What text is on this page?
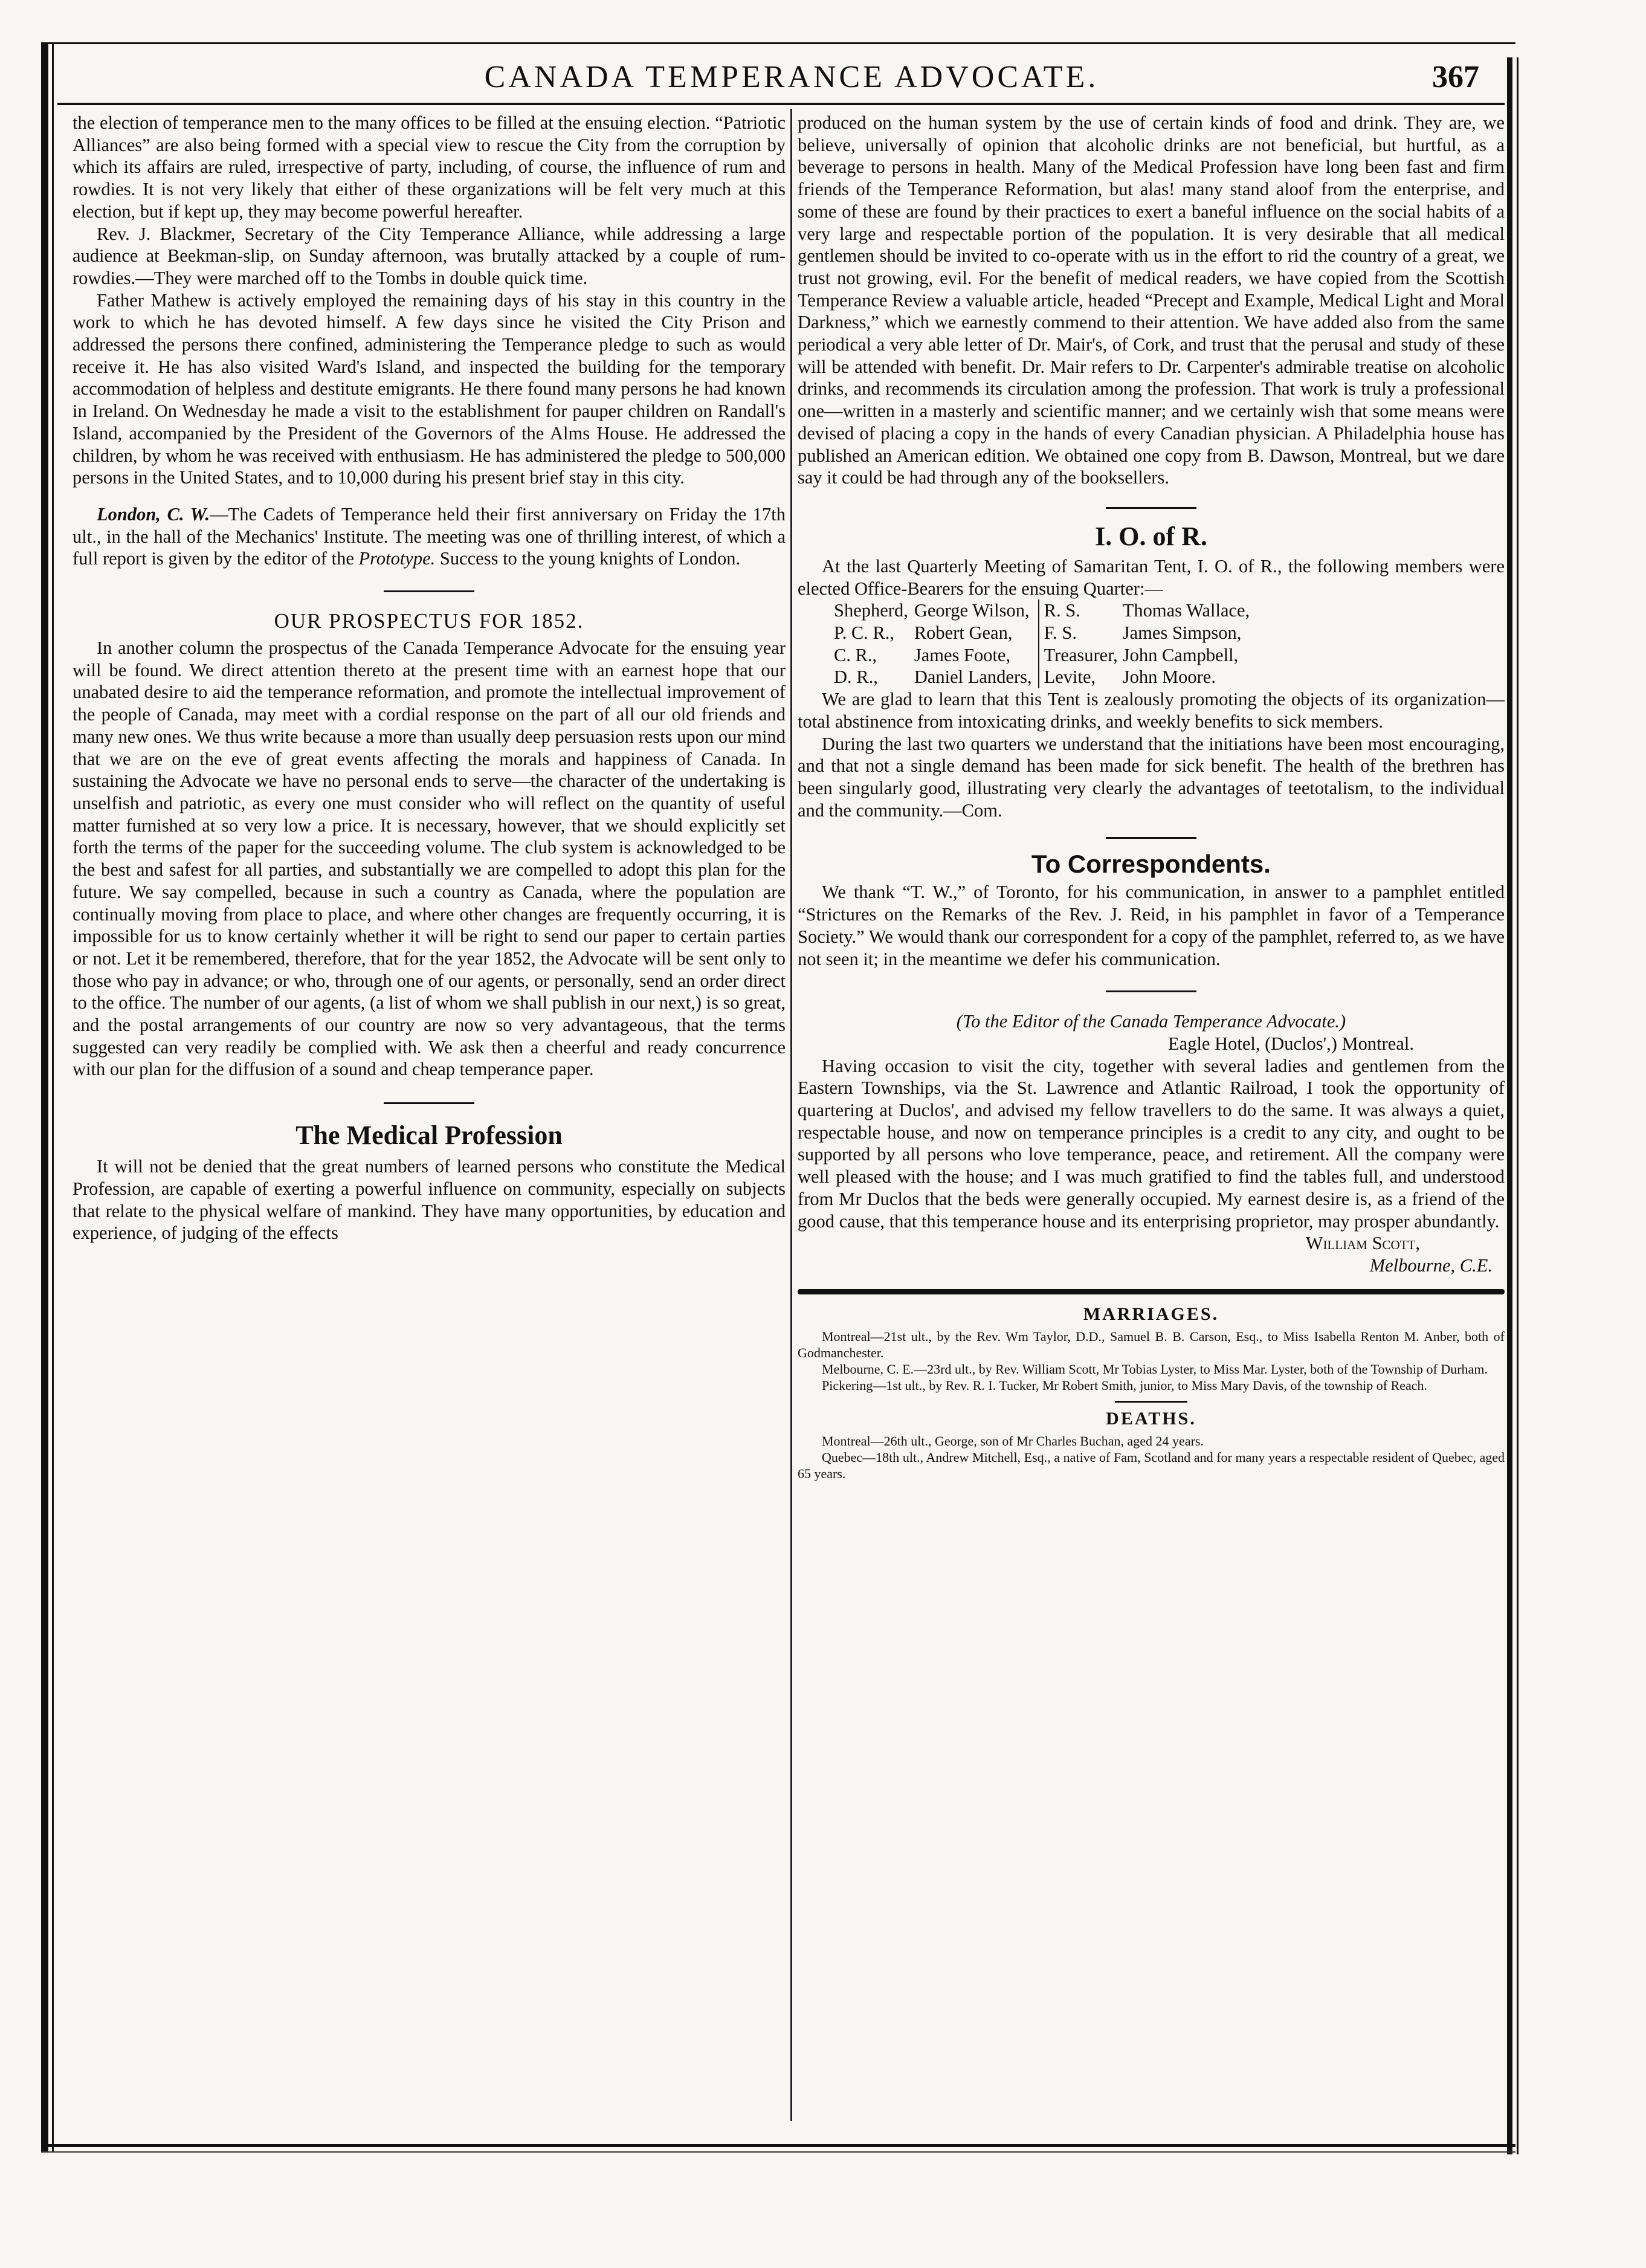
CANADA TEMPERANCE ADVOCATE.	367

the election of temperance men to the many offices to be filled at the ensuing election. “Patriotic Alliances” are also being formed with a special view to rescue the City from the corruption by which its affairs are ruled, irrespective of party, including, of course, the influence of rum and rowdies. It is not very likely that either of these organizations will be felt very much at this election, but if kept up, they may become powerful hereafter.

Rev. J. Blackmer, Secretary of the City Temperance Alliance, while addressing a large audience at Beekman-slip, on Sunday afternoon, was brutally attacked by a couple of rum-rowdies.—They were marched off to the Tombs in double quick time.

Father Mathew is actively employed the remaining days of his stay in this country in the work to which he has devoted himself. A few days since he visited the City Prison and addressed the persons there confined, administering the Temperance pledge to such as would receive it. He has also visited Ward's Island, and inspected the building for the temporary accommodation of helpless and destitute emigrants. He there found many persons he had known in Ireland. On Wednesday he made a visit to the establishment for pauper children on Randall's Island, accompanied by the President of the Governors of the Alms House. He addressed the children, by whom he was received with enthusiasm. He has administered the pledge to 500,000 persons in the United States, and to 10,000 during his present brief stay in this city.

London, C. W.—The Cadets of Temperance held their first anniversary on Friday the 17th ult., in the hall of the Mechanics' Institute. The meeting was one of thrilling interest, of which a full report is given by the editor of the Prototype. Success to the young knights of London.

OUR PROSPECTUS FOR 1852.

In another column the prospectus of the Canada Temperance Advocate for the ensuing year will be found. We direct attention thereto at the present time with an earnest hope that our unabated desire to aid the temperance reformation, and promote the intellectual improvement of the people of Canada, may meet with a cordial response on the part of all our old friends and many new ones. We thus write because a more than usually deep persuasion rests upon our mind that we are on the eve of great events affecting the morals and happiness of Canada. In sustaining the Advocate we have no personal ends to serve—the character of the undertaking is unselfish and patriotic, as every one must consider who will reflect on the quantity of useful matter furnished at so very low a price. It is necessary, however, that we should explicitly set forth the terms of the paper for the succeeding volume. The club system is acknowledged to be the best and safest for all parties, and substantially we are compelled to adopt this plan for the future. We say compelled, because in such a country as Canada, where the population are continually moving from place to place, and where other changes are frequently occurring, it is impossible for us to know certainly whether it will be right to send our paper to certain parties or not. Let it be remembered, therefore, that for the year 1852, the Advocate will be sent only to those who pay in advance; or who, through one of our agents, or personally, send an order direct to the office. The number of our agents, (a list of whom we shall publish in our next,) is so great, and the postal arrangements of our country are now so very advantageous, that the terms suggested can very readily be complied with. We ask then a cheerful and ready concurrence with our plan for the diffusion of a sound and cheap temperance paper.

The Medical Profession

It will not be denied that the great numbers of learned persons who constitute the Medical Profession, are capable of exerting a powerful influence on community, especially on subjects that relate to the physical welfare of mankind. They have many opportunities, by education and experience, of judging of the effects

produced on the human system by the use of certain kinds of food and drink. They are, we believe, universally of opinion that alcoholic drinks are not beneficial, but hurtful, as a beverage to persons in health. Many of the Medical Profession have long been fast and firm friends of the Temperance Reformation, but alas! many stand aloof from the enterprise, and some of these are found by their practices to exert a baneful influence on the social habits of a very large and respectable portion of the population. It is very desirable that all medical gentlemen should be invited to co-operate with us in the effort to rid the country of a great, we trust not growing, evil. For the benefit of medical readers, we have copied from the Scottish Temperance Review a valuable article, headed “Precept and Example, Medical Light and Moral Darkness,” which we earnestly commend to their attention. We have added also from the same periodical a very able letter of Dr. Mair's, of Cork, and trust that the perusal and study of these will be attended with benefit. Dr. Mair refers to Dr. Carpenter's admirable treatise on alcoholic drinks, and recommends its circulation among the profession. That work is truly a professional one—written in a masterly and scientific manner; and we certainly wish that some means were devised of placing a copy in the hands of every Canadian physician. A Philadelphia house has published an American edition. We obtained one copy from B. Dawson, Montreal, but we dare say it could be had through any of the booksellers.

I. O. of R.

At the last Quarterly Meeting of Samaritan Tent, I. O. of R., the following members were elected Office-Bearers for the ensuing Quarter:—

Shepherd,	George Wilson,	R. S.	Thomas Wallace,
P. C. R.,	Robert Gean,	F. S.	James Simpson,
C. R.,	James Foote,	Treasurer,	John Campbell,
D. R.,	Daniel Landers,	Levite,	John Moore.

We are glad to learn that this Tent is zealously promoting the objects of its organization—total abstinence from intoxicating drinks, and weekly benefits to sick members.

During the last two quarters we understand that the initiations have been most encouraging, and that not a single demand has been made for sick benefit. The health of the brethren has been singularly good, illustrating very clearly the advantages of teetotalism, to the individual and the community.—Com.

To Correspondents.

We thank “T. W.,” of Toronto, for his communication, in answer to a pamphlet entitled “Strictures on the Remarks of the Rev. J. Reid, in his pamphlet in favor of a Temperance Society.” We would thank our correspondent for a copy of the pamphlet, referred to, as we have not seen it; in the meantime we defer his communication.

(To the Editor of the Canada Temperance Advocate.)

Eagle Hotel, (Duclos',) Montreal.

Having occasion to visit the city, together with several ladies and gentlemen from the Eastern Townships, via the St. Lawrence and Atlantic Railroad, I took the opportunity of quartering at Duclos', and advised my fellow travellers to do the same. It was always a quiet, respectable house, and now on temperance principles is a credit to any city, and ought to be supported by all persons who love temperance, peace, and retirement. All the company were well pleased with the house; and I was much gratified to find the tables full, and understood from Mr Duclos that the beds were generally occupied. My earnest desire is, as a friend of the good cause, that this temperance house and its enterprising proprietor, may prosper abundantly.

William Scott,

Melbourne, C.E.

MARRIAGES.

Montreal—21st ult., by the Rev. Wm Taylor, D.D., Samuel B. B. Carson, Esq., to Miss Isabella Renton M. Anber, both of Godmanchester.

Melbourne, C. E.—23rd ult., by Rev. William Scott, Mr Tobias Lyster, to Miss Mar. Lyster, both of the Township of Durham.

Pickering—1st ult., by Rev. R. I. Tucker, Mr Robert Smith, junior, to Miss Mary Davis, of the township of Reach.

DEATHS.

Montreal—26th ult., George, son of Mr Charles Buchan, aged 24 years.

Quebec—18th ult., Andrew Mitchell, Esq., a native of Fam, Scotland and for many years a respectable resident of Quebec, aged 65 years.
